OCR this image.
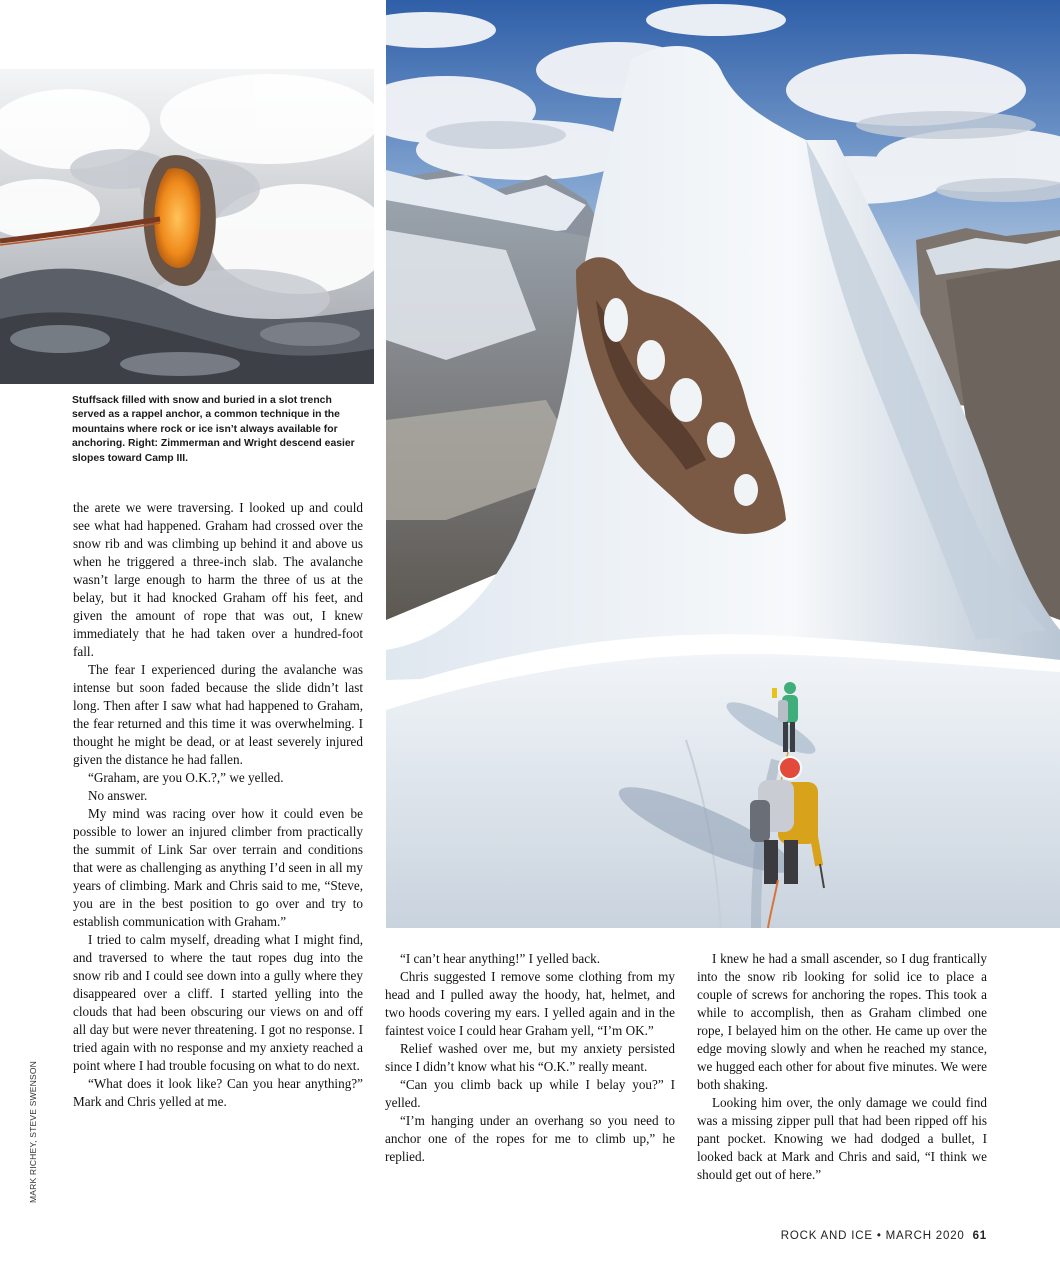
Stuffsack filled with snow and buried in a slot trench served as a rappel anchor, a common technique in the mountains where rock or ice isn’t always available for anchoring. Right: Zimmerman and Wright descend easier slopes toward Camp III.

MARK RICHEY, STEVE SWENSON

the arete we were traversing. I looked up and could see what had happened. Graham had crossed over the snow rib and was climbing up behind it and above us when he triggered a three-inch slab. The avalanche wasn’t large enough to harm the three of us at the belay, but it had knocked Graham off his feet, and given the amount of rope that was out, I knew immediately that he had taken over a hundred-foot fall.

The fear I experienced during the avalanche was intense but soon faded because the slide didn’t last long. Then after I saw what had happened to Graham, the fear returned and this time it was overwhelming. I thought he might be dead, or at least severely injured given the distance he had fallen.

“Graham, are you O.K.?,” we yelled.

No answer.

My mind was racing over how it could even be possible to lower an injured climber from practically the summit of Link Sar over terrain and conditions that were as challenging as anything I’d seen in all my years of climbing. Mark and Chris said to me, “Steve, you are in the best position to go over and try to establish communication with Graham.”

I tried to calm myself, dreading what I might find, and traversed to where the taut ropes dug into the snow rib and I could see down into a gully where they disappeared over a cliff. I started yelling into the clouds that had been obscuring our views on and off all day but were never threatening. I got no response. I tried again with no response and my anxiety reached a point where I had trouble focusing on what to do next.

“What does it look like? Can you hear anything?” Mark and Chris yelled at me.

“I can’t hear anything!” I yelled back.

Chris suggested I remove some clothing from my head and I pulled away the hoody, hat, helmet, and two hoods covering my ears. I yelled again and in the faintest voice I could hear Graham yell, “I’m OK.”

Relief washed over me, but my anxiety persisted since I didn’t know what his “O.K.” really meant.

“Can you climb back up while I belay you?” I yelled.

“I’m hanging under an overhang so you need to anchor one of the ropes for me to climb up,” he replied.

I knew he had a small ascender, so I dug frantically into the snow rib looking for solid ice to place a couple of screws for anchoring the ropes. This took a while to accomplish, then as Graham climbed one rope, I belayed him on the other. He came up over the edge moving slowly and when he reached my stance, we hugged each other for about five minutes. We were both shaking.

Looking him over, the only damage we could find was a missing zipper pull that had been ripped off his pant pocket. Knowing we had dodged a bullet, I looked back at Mark and Chris and said, “I think we should get out of here.”

ROCK AND ICE • MARCH 2020 61
